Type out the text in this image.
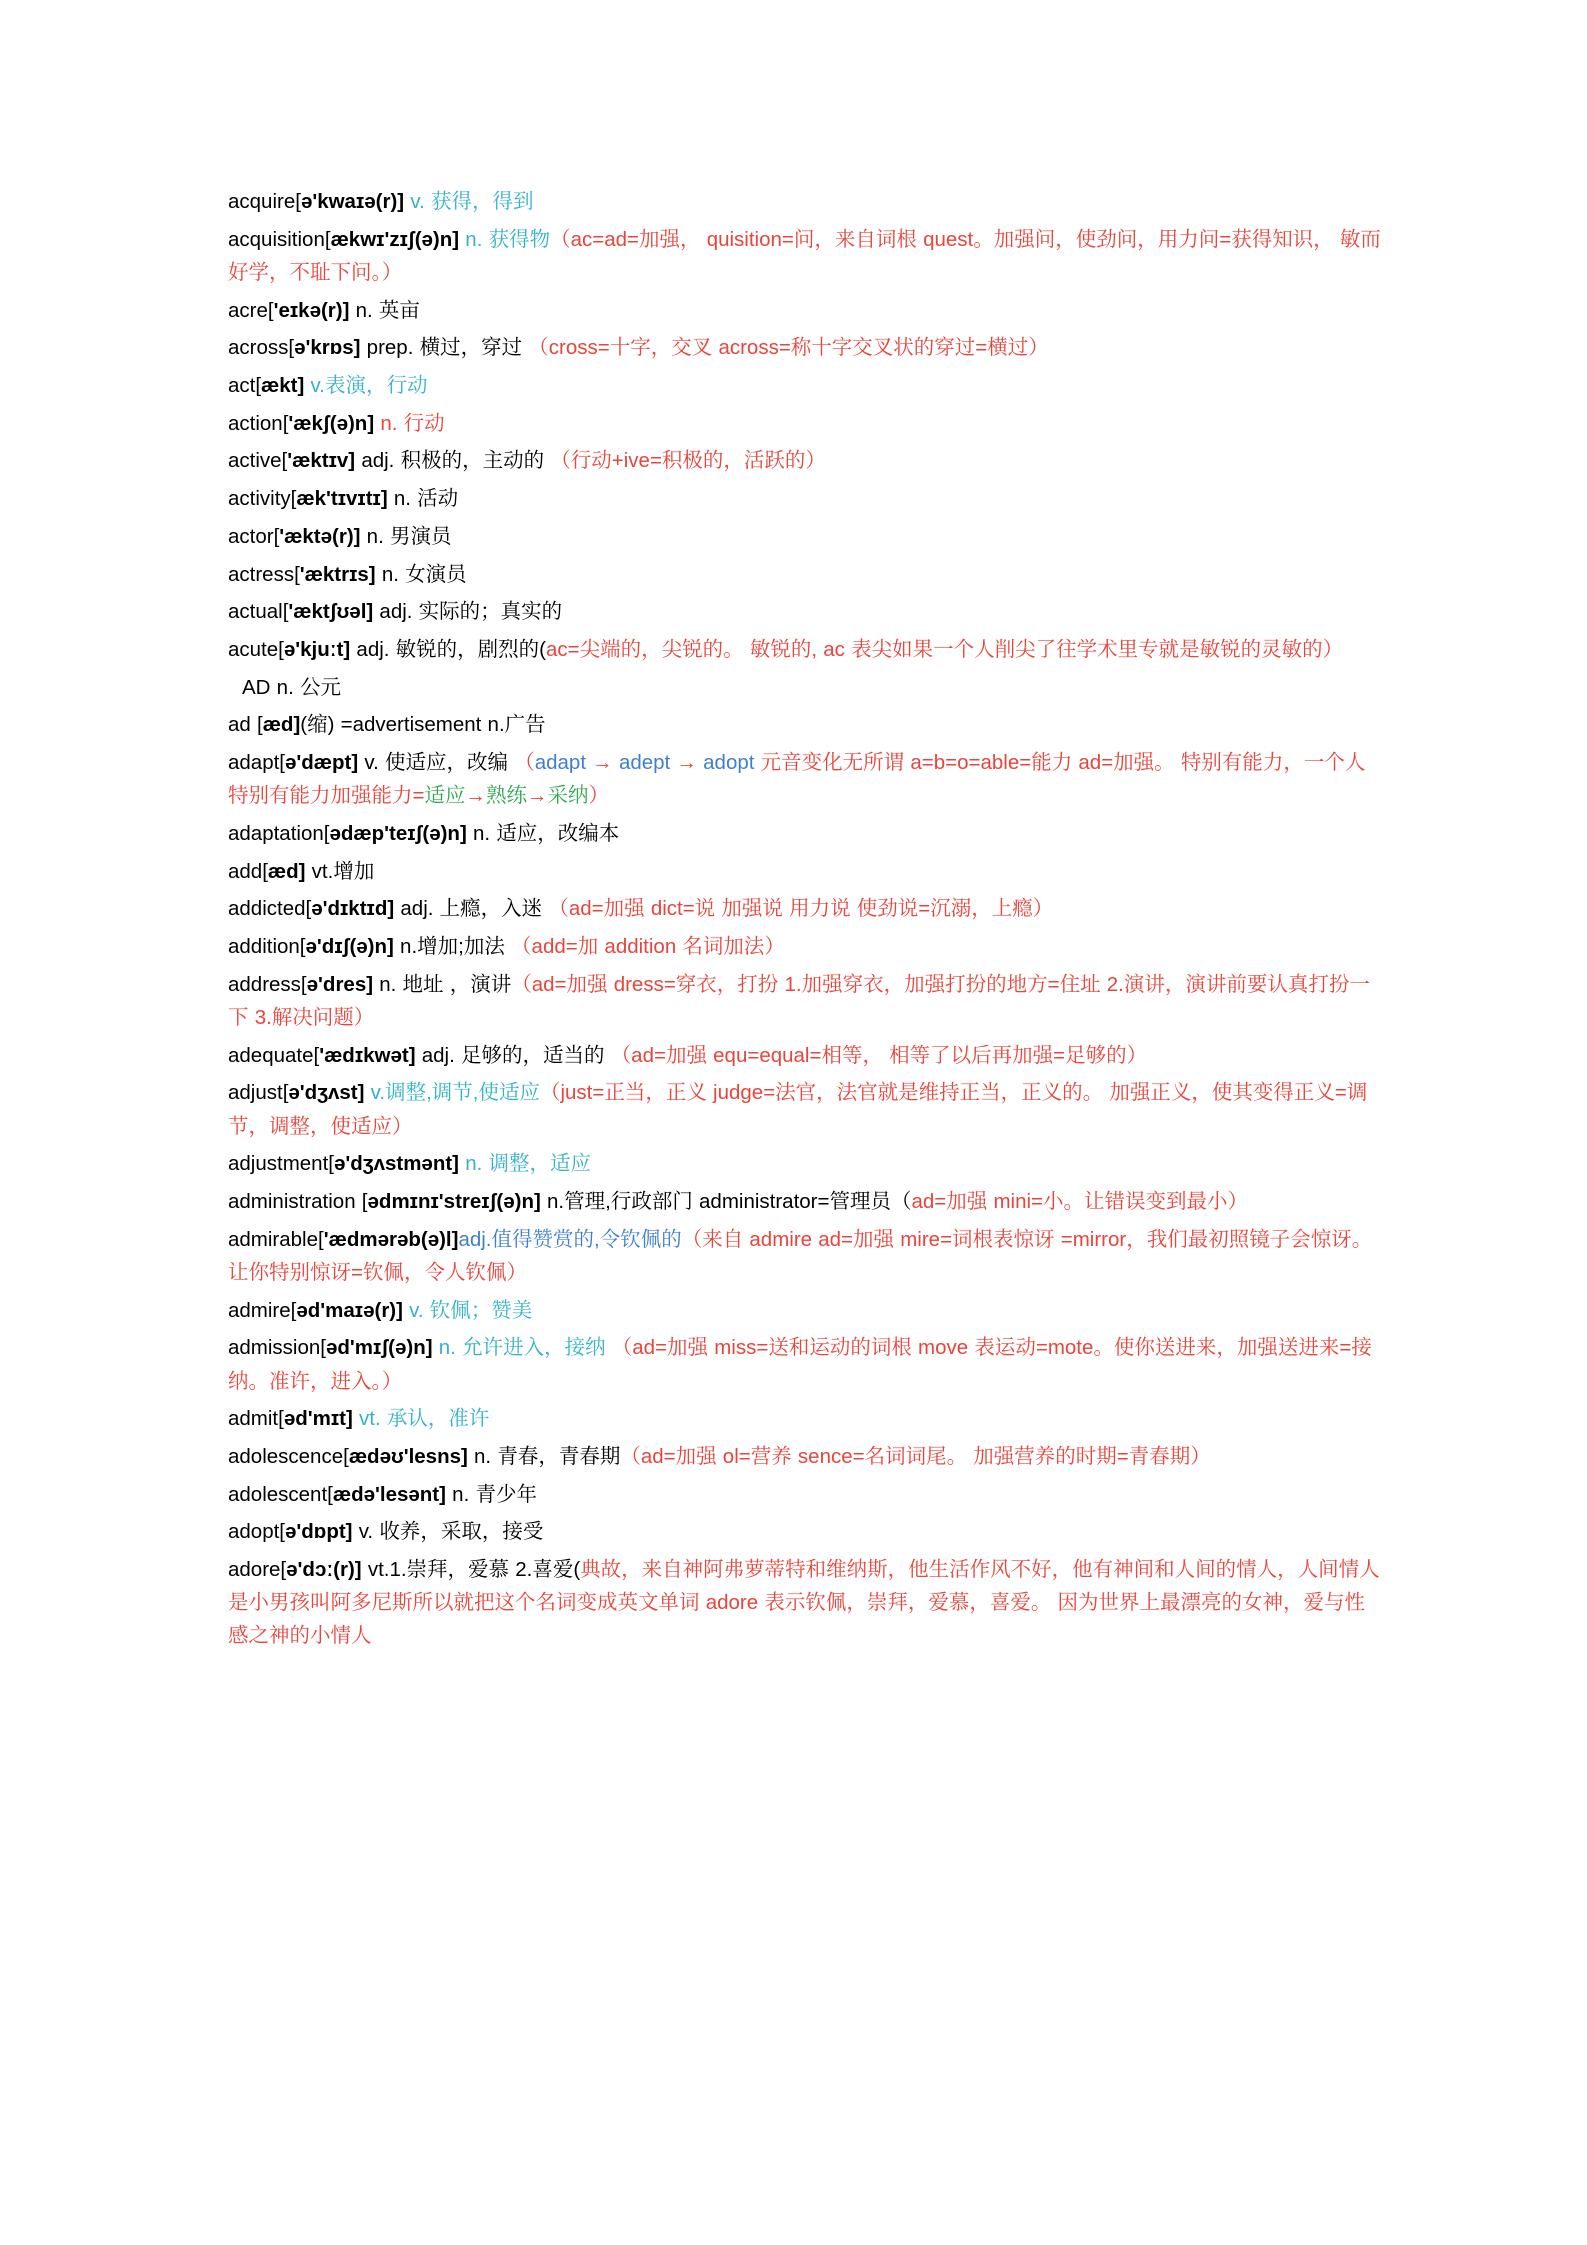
acquire[ə'kwaɪə(r)] v. 获得，得到
acquisition[ækwɪ'zɪʃ(ə)n] n. 获得物（ac=ad=加强， quisition=问，来自词根 quest。加强问，使劲问，用力问=获得知识， 敏而好学，不耻下问。）
acre['eɪkə(r)] n. 英亩
across[ə'krɒs] prep. 横过，穿过 （cross=十字，交叉 across=称十字交叉状的穿过=横过）
act[ækt] v.表演，行动
action['ækʃ(ə)n] n. 行动
active['æktɪv] adj. 积极的，主动的 （行动+ive=积极的，活跃的）
activity[æk'tɪvɪtɪ] n. 活动
actor['æktə(r)] n. 男演员
actress['æktrɪs] n. 女演员
actual['æktʃʊəl] adj. 实际的；真实的
acute[ə'kjuːt] adj. 敏锐的，剧烈的(ac=尖端的，尖锐的。 敏锐的, ac 表尖如果一个人削尖了往学术里专就是敏锐的灵敏的）
AD n. 公元
ad [æd](缩) =advertisement n.广告
adapt[ə'dæpt] v. 使适应，改编 （adapt → adept → adopt 元音变化无所谓 a=b=o=able=能力 ad=加强。 特别有能力，一个人特别有能力加强能力=适应→熟练→采纳）
adaptation[ədæp'teɪʃ(ə)n] n. 适应，改编本
add[æd] vt.增加
addicted[ə'dɪktɪd] adj. 上瘾，入迷 （ad=加强 dict=说 加强说 用力说 使劲说=沉溺，上瘾）
addition[ə'dɪʃ(ə)n] n.增加;加法 （add=加 addition 名词加法）
address[ə'dres] n. 地址 ，演讲（ad=加强 dress=穿衣，打扮 1.加强穿衣，加强打扮的地方=住址 2.演讲，演讲前要认真打扮一下 3.解决问题）
adequate['ædɪkwət] adj. 足够的，适当的 （ad=加强 equ=equal=相等， 相等了以后再加强=足够的）
adjust[ə'dʒʌst] v.调整,调节,使适应（just=正当，正义 judge=法官，法官就是维持正当，正义的。 加强正义，使其变得正义=调节，调整，使适应）
adjustment[ə'dʒʌstmənt] n. 调整，适应
administration [ədmɪnɪ'streɪʃ(ə)n] n.管理,行政部门 administrator=管理员（ad=加强 mini=小。让错误变到最小）
admirable['ædmərəb(ə)l]adj.值得赞赏的,令钦佩的（来自 admire ad=加强 mire=词根表惊讶 =mirror，我们最初照镜子会惊讶。让你特别惊讶=钦佩，令人钦佩）
admire[əd'maɪə(r)] v. 钦佩；赞美
admission[əd'mɪʃ(ə)n] n. 允许进入，接纳 （ad=加强 miss=送和运动的词根 move 表运动=mote。使你送进来，加强送进来=接纳。准许，进入。）
admit[əd'mɪt] vt. 承认，准许
adolescence[ædəʊ'lesns] n. 青春，青春期（ad=加强 ol=营养 sence=名词词尾。 加强营养的时期=青春期）
adolescent[ædə'lesənt] n. 青少年
adopt[ə'dɒpt] v. 收养，采取，接受
adore[ə'dɔː(r)] vt.1.崇拜，爱慕 2.喜爱(典故，来自神阿弗萝蒂特和维纳斯，他生活作风不好，他有神间和人间的情人，人间情人是小男孩叫阿多尼斯所以就把这个名词变成英文单词 adore 表示钦佩，崇拜，爱慕，喜爱。 因为世界上最漂亮的女神，爱与性感之神的小情人
